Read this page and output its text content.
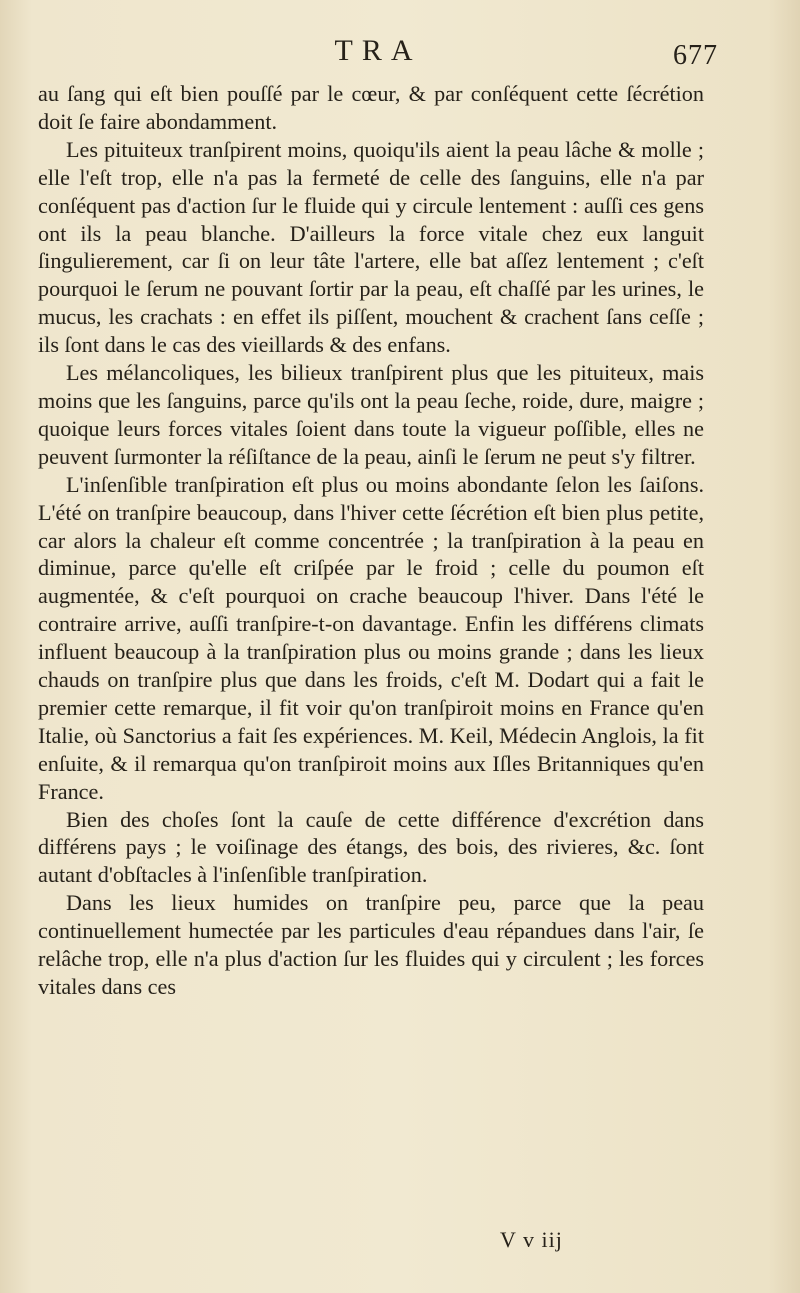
TRA	677

au ſang qui eſt bien pouſſé par le cœur, & par conſéquent cette ſécrétion doit ſe faire abondamment.

Les pituiteux tranſpirent moins, quoiqu'ils aient la peau lâche & molle ; elle l'eſt trop, elle n'a pas la fermeté de celle des ſanguins, elle n'a par conſéquent pas d'action ſur le fluide qui y circule lentement : auſſi ces gens ont ils la peau blanche. D'ailleurs la force vitale chez eux languit ſingulierement, car ſi on leur tâte l'artere, elle bat aſſez lentement ; c'eſt pourquoi le ſerum ne pouvant ſortir par la peau, eſt chaſſé par les urines, le mucus, les crachats : en effet ils piſſent, mouchent & crachent ſans ceſſe ; ils ſont dans le cas des vieillards & des enfans.

Les mélancoliques, les bilieux tranſpirent plus que les pituiteux, mais moins que les ſanguins, parce qu'ils ont la peau ſeche, roide, dure, maigre ; quoique leurs forces vitales ſoient dans toute la vigueur poſſible, elles ne peuvent ſurmonter la réſiſtance de la peau, ainſi le ſerum ne peut s'y filtrer.

L'inſenſible tranſpiration eſt plus ou moins abondante ſelon les ſaiſons. L'été on tranſpire beaucoup, dans l'hiver cette ſécrétion eſt bien plus petite, car alors la chaleur eſt comme concentrée ; la tranſpiration à la peau en diminue, parce qu'elle eſt criſpée par le froid ; celle du poumon eſt augmentée, & c'eſt pourquoi on crache beaucoup l'hiver. Dans l'été le contraire arrive, auſſi tranſpire-t-on davantage. Enfin les différens climats influent beaucoup à la tranſpiration plus ou moins grande ; dans les lieux chauds on tranſpire plus que dans les froids, c'eſt M. Dodart qui a fait le premier cette remarque, il fit voir qu'on tranſpiroit moins en France qu'en Italie, où Sanctorius a fait ſes expériences. M. Keil, Médecin Anglois, la fit enſuite, & il remarqua qu'on tranſpiroit moins aux Iſles Britanniques qu'en France.

Bien des choſes ſont la cauſe de cette différence d'excrétion dans différens pays ; le voiſinage des étangs, des bois, des rivieres, &c. ſont autant d'obſtacles à l'inſenſible tranſpiration.

Dans les lieux humides on tranſpire peu, parce que la peau continuellement humectée par les particules d'eau répandues dans l'air, ſe relâche trop, elle n'a plus d'action ſur les fluides qui y circulent ; les forces vitales dans ces

V v iij
